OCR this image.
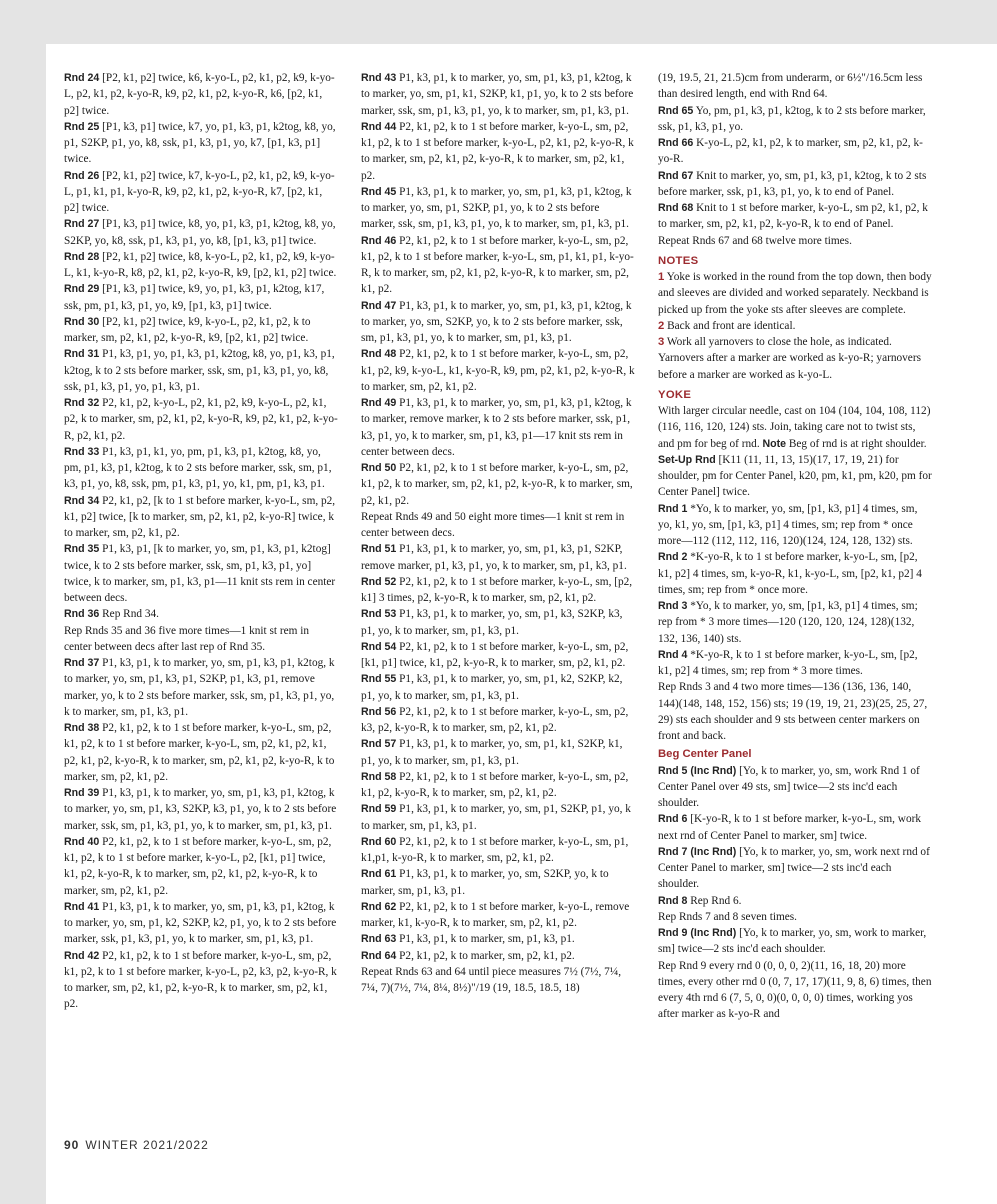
Rnd 24 [P2, k1, p2] twice, k6, k-yo-L, p2, k1, p2, k9, k-yo-L, p2, k1, p2, k-yo-R, k9, p2, k1, p2, k-yo-R, k6, [p2, k1, p2] twice.

Rnd 25 [P1, k3, p1] twice, k7, yo, p1, k3, p1, k2tog, k8, yo, p1, S2KP, p1, yo, k8, ssk, p1, k3, p1, yo, k7, [p1, k3, p1] twice.

Rnd 26 [P2, k1, p2] twice, k7, k-yo-L, p2, k1, p2, k9, k-yo-L, p1, k1, p1, k-yo-R, k9, p2, k1, p2, k-yo-R, k7, [p2, k1, p2] twice.

Rnd 27 [P1, k3, p1] twice, k8, yo, p1, k3, p1, k2tog, k8, yo, S2KP, yo, k8, ssk, p1, k3, p1, yo, k8, [p1, k3, p1] twice.

Rnd 28 [P2, k1, p2] twice, k8, k-yo-L, p2, k1, p2, k9, k-yo-L, k1, k-yo-R, k8, p2, k1, p2, k-yo-R, k9, [p2, k1, p2] twice.

Rnd 29 [P1, k3, p1] twice, k9, yo, p1, k3, p1, k2tog, k17, ssk, pm, p1, k3, p1, yo, k9, [p1, k3, p1] twice.

Rnd 30 [P2, k1, p2] twice, k9, k-yo-L, p2, k1, p2, k to marker, sm, p2, k1, p2, k-yo-R, k9, [p2, k1, p2] twice.

Rnd 31 P1, k3, p1, yo, p1, k3, p1, k2tog, k8, yo, p1, k3, p1, k2tog, k to 2 sts before marker, ssk, sm, p1, k3, p1, yo, k8, ssk, p1, k3, p1, yo, p1, k3, p1.

Rnd 32 P2, k1, p2, k-yo-L, p2, k1, p2, k9, k-yo-L, p2, k1, p2, k to marker, sm, p2, k1, p2, k-yo-R, k9, p2, k1, p2, k-yo-R, p2, k1, p2.

Rnd 33 P1, k3, p1, k1, yo, pm, p1, k3, p1, k2tog, k8, yo, pm, p1, k3, p1, k2tog, k to 2 sts before marker, ssk, sm, p1, k3, p1, yo, k8, ssk, pm, p1, k3, p1, yo, k1, pm, p1, k3, p1.

Rnd 34 P2, k1, p2, [k to 1 st before marker, k-yo-L, sm, p2, k1, p2] twice, [k to marker, sm, p2, k1, p2, k-yo-R] twice, k to marker, sm, p2, k1, p2.

Rnd 35 P1, k3, p1, [k to marker, yo, sm, p1, k3, p1, k2tog] twice, k to 2 sts before marker, ssk, sm, p1, k3, p1, yo] twice, k to marker, sm, p1, k3, p1—11 knit sts rem in center between decs.

Rnd 36 Rep Rnd 34.

Rep Rnds 35 and 36 five more times—1 knit st rem in center between decs after last rep of Rnd 35.

Rnd 37 P1, k3, p1, k to marker, yo, sm, p1, k3, p1, k2tog, k to marker, yo, sm, p1, k3, p1, S2KP, p1, k3, p1, remove marker, yo, k to 2 sts before marker, ssk, sm, p1, k3, p1, yo, k to marker, sm, p1, k3, p1.

Rnd 38 P2, k1, p2, k to 1 st before marker, k-yo-L, sm, p2, k1, p2, k to 1 st before marker, k-yo-L, sm, p2, k1, p2, k1, p2, k1, p2, k-yo-R, k to marker, sm, p2, k1, p2, k-yo-R, k to marker, sm, p2, k1, p2.

Rnd 39 P1, k3, p1, k to marker, yo, sm, p1, k3, p1, k2tog, k to marker, yo, sm, p1, k3, S2KP, k3, p1, yo, k to 2 sts before marker, ssk, sm, p1, k3, p1, yo, k to marker, sm, p1, k3, p1.

Rnd 40 P2, k1, p2, k to 1 st before marker, k-yo-L, sm, p2, k1, p2, k to 1 st before marker, k-yo-L, p2, [k1, p1] twice, k1, p2, k-yo-R, k to marker, sm, p2, k1, p2, k-yo-R, k to marker, sm, p2, k1, p2.

Rnd 41 P1, k3, p1, k to marker, yo, sm, p1, k3, p1, k2tog, k to marker, yo, sm, p1, k2, S2KP, k2, p1, yo, k to 2 sts before marker, ssk, p1, k3, p1, yo, k to marker, sm, p1, k3, p1.

Rnd 42 P2, k1, p2, k to 1 st before marker, k-yo-L, sm, p2, k1, p2, k to 1 st before marker, k-yo-L, p2, k3, p2, k-yo-R, k to marker, sm, p2, k1, p2, k-yo-R, k to marker, sm, p2, k1, p2.

Rnd 43 P1, k3, p1, k to marker, yo, sm, p1, k3, p1, k2tog, k to marker, yo, sm, p1, k1, S2KP, k1, p1, yo, k to 2 sts before marker, ssk, sm, p1, k3, p1, yo, k to marker, sm, p1, k3, p1.

Rnd 44 P2, k1, p2, k to 1 st before marker, k-yo-L, sm, p2, k1, p2, k to 1 st before marker, k-yo-L, p2, k1, p2, k-yo-R, k to marker, sm, p2, k1, p2, k-yo-R, k to marker, sm, p2, k1, p2.

Rnd 45 P1, k3, p1, k to marker, yo, sm, p1, k3, p1, k2tog, k to marker, yo, sm, p1, S2KP, p1, yo, k to 2 sts before marker, ssk, sm, p1, k3, p1, yo, k to marker, sm, p1, k3, p1.

Rnd 46 P2, k1, p2, k to 1 st before marker, k-yo-L, sm, p2, k1, p2, k to 1 st before marker, k-yo-L, sm, p1, k1, p1, k-yo-R, k to marker, sm, p2, k1, p2, k-yo-R, k to marker, sm, p2, k1, p2.

Rnd 47 P1, k3, p1, k to marker, yo, sm, p1, k3, p1, k2tog, k to marker, yo, sm, S2KP, yo, k to 2 sts before marker, ssk, sm, p1, k3, p1, yo, k to marker, sm, p1, k3, p1.

Rnd 48 P2, k1, p2, k to 1 st before marker, k-yo-L, sm, p2, k1, p2, k9, k-yo-L, k1, k-yo-R, k9, pm, p2, k1, p2, k-yo-R, k to marker, sm, p2, k1, p2.

Rnd 49 P1, k3, p1, k to marker, yo, sm, p1, k3, p1, k2tog, k to marker, remove marker, k to 2 sts before marker, ssk, p1, k3, p1, yo, k to marker, sm, p1, k3, p1—17 knit sts rem in center between decs.

Rnd 50 P2, k1, p2, k to 1 st before marker, k-yo-L, sm, p2, k1, p2, k to marker, sm, p2, k1, p2, k-yo-R, k to marker, sm, p2, k1, p2.

Repeat Rnds 49 and 50 eight more times—1 knit st rem in center between decs.

Rnd 51 P1, k3, p1, k to marker, yo, sm, p1, k3, p1, S2KP, remove marker, p1, k3, p1, yo, k to marker, sm, p1, k3, p1.

Rnd 52 P2, k1, p2, k to 1 st before marker, k-yo-L, sm, [p2, k1] 3 times, p2, k-yo-R, k to marker, sm, p2, k1, p2.

Rnd 53 P1, k3, p1, k to marker, yo, sm, p1, k3, S2KP, k3, p1, yo, k to marker, sm, p1, k3, p1.

Rnd 54 P2, k1, p2, k to 1 st before marker, k-yo-L, sm, p2, [k1, p1] twice, k1, p2, k-yo-R, k to marker, sm, p2, k1, p2.

Rnd 55 P1, k3, p1, k to marker, yo, sm, p1, k2, S2KP, k2, p1, yo, k to marker, sm, p1, k3, p1.

Rnd 56 P2, k1, p2, k to 1 st before marker, k-yo-L, sm, p2, k3, p2, k-yo-R, k to marker, sm, p2, k1, p2.

Rnd 57 P1, k3, p1, k to marker, yo, sm, p1, k1, S2KP, k1, p1, yo, k to marker, sm, p1, k3, p1.

Rnd 58 P2, k1, p2, k to 1 st before marker, k-yo-L, sm, p2, k1, p2, k-yo-R, k to marker, sm, p2, k1, p2.

Rnd 59 P1, k3, p1, k to marker, yo, sm, p1, S2KP, p1, yo, k to marker, sm, p1, k3, p1.

Rnd 60 P2, k1, p2, k to 1 st before marker, k-yo-L, sm, p1, k1,p1, k-yo-R, k to marker, sm, p2, k1, p2.

Rnd 61 P1, k3, p1, k to marker, yo, sm, S2KP, yo, k to marker, sm, p1, k3, p1.

Rnd 62 P2, k1, p2, k to 1 st before marker, k-yo-L, remove marker, k1, k-yo-R, k to marker, sm, p2, k1, p2.

Rnd 63 P1, k3, p1, k to marker, sm, p1, k3, p1.

Rnd 64 P2, k1, p2, k to marker, sm, p2, k1, p2.

Repeat Rnds 63 and 64 until piece measures 7½ (7½, 7¼, 7¼, 7)(7½, 7¼, 8¼, 8½)"/19 (19, 18.5, 18.5, 18)

(19, 19.5, 21, 21.5)cm from underarm, or 6½"/16.5cm less than desired length, end with Rnd 64.

Rnd 65 Yo, pm, p1, k3, p1, k2tog, k to 2 sts before marker, ssk, p1, k3, p1, yo.

Rnd 66 K-yo-L, p2, k1, p2, k to marker, sm, p2, k1, p2, k-yo-R.

Rnd 67 Knit to marker, yo, sm, p1, k3, p1, k2tog, k to 2 sts before marker, ssk, p1, k3, p1, yo, k to end of Panel.

Rnd 68 Knit to 1 st before marker, k-yo-L, sm p2, k1, p2, k to marker, sm, p2, k1, p2, k-yo-R, k to end of Panel.

Repeat Rnds 67 and 68 twelve more times.

NOTES

1 Yoke is worked in the round from the top down, then body and sleeves are divided and worked separately. Neckband is picked up from the yoke sts after sleeves are complete.

2 Back and front are identical.

3 Work all yarnovers to close the hole, as indicated. Yarnovers after a marker are worked as k-yo-R; yarnovers before a marker are worked as k-yo-L.

YOKE

With larger circular needle, cast on 104 (104, 104, 108, 112)(116, 116, 120, 124) sts. Join, taking care not to twist sts, and pm for beg of rnd. Note Beg of rnd is at right shoulder.

Set-Up Rnd [K11 (11, 11, 13, 15)(17, 17, 19, 21) for shoulder, pm for Center Panel, k20, pm, k1, pm, k20, pm for Center Panel] twice.

Rnd 1 *Yo, k to marker, yo, sm, [p1, k3, p1] 4 times, sm, yo, k1, yo, sm, [p1, k3, p1] 4 times, sm; rep from * once more—112 (112, 112, 116, 120)(124, 124, 128, 132) sts.

Rnd 2 *K-yo-R, k to 1 st before marker, k-yo-L, sm, [p2, k1, p2] 4 times, sm, k-yo-R, k1, k-yo-L, sm, [p2, k1, p2] 4 times, sm; rep from * once more.

Rnd 3 *Yo, k to marker, yo, sm, [p1, k3, p1] 4 times, sm; rep from * 3 more times—120 (120, 120, 124, 128)(132, 132, 136, 140) sts.

Rnd 4 *K-yo-R, k to 1 st before marker, k-yo-L, sm, [p2, k1, p2] 4 times, sm; rep from * 3 more times.

Rep Rnds 3 and 4 two more times—136 (136, 136, 140, 144)(148, 148, 152, 156) sts; 19 (19, 19, 21, 23)(25, 25, 27, 29) sts each shoulder and 9 sts between center markers on front and back.

Beg Center Panel

Rnd 5 (Inc Rnd) [Yo, k to marker, yo, sm, work Rnd 1 of Center Panel over 49 sts, sm] twice—2 sts inc'd each shoulder.

Rnd 6 [K-yo-R, k to 1 st before marker, k-yo-L, sm, work next rnd of Center Panel to marker, sm] twice.

Rnd 7 (Inc Rnd) [Yo, k to marker, yo, sm, work next rnd of Center Panel to marker, sm] twice—2 sts inc'd each shoulder.

Rnd 8 Rep Rnd 6.

Rep Rnds 7 and 8 seven times.

Rnd 9 (Inc Rnd) [Yo, k to marker, yo, sm, work to marker, sm] twice—2 sts inc'd each shoulder.

Rep Rnd 9 every rnd 0 (0, 0, 0, 2)(11, 16, 18, 20) more times, every other rnd 0 (0, 7, 17, 17)(11, 9, 8, 6) times, then every 4th rnd 6 (7, 5, 0, 0)(0, 0, 0, 0) times, working yos after marker as k-yo-R and

90 WINTER 2021/2022
